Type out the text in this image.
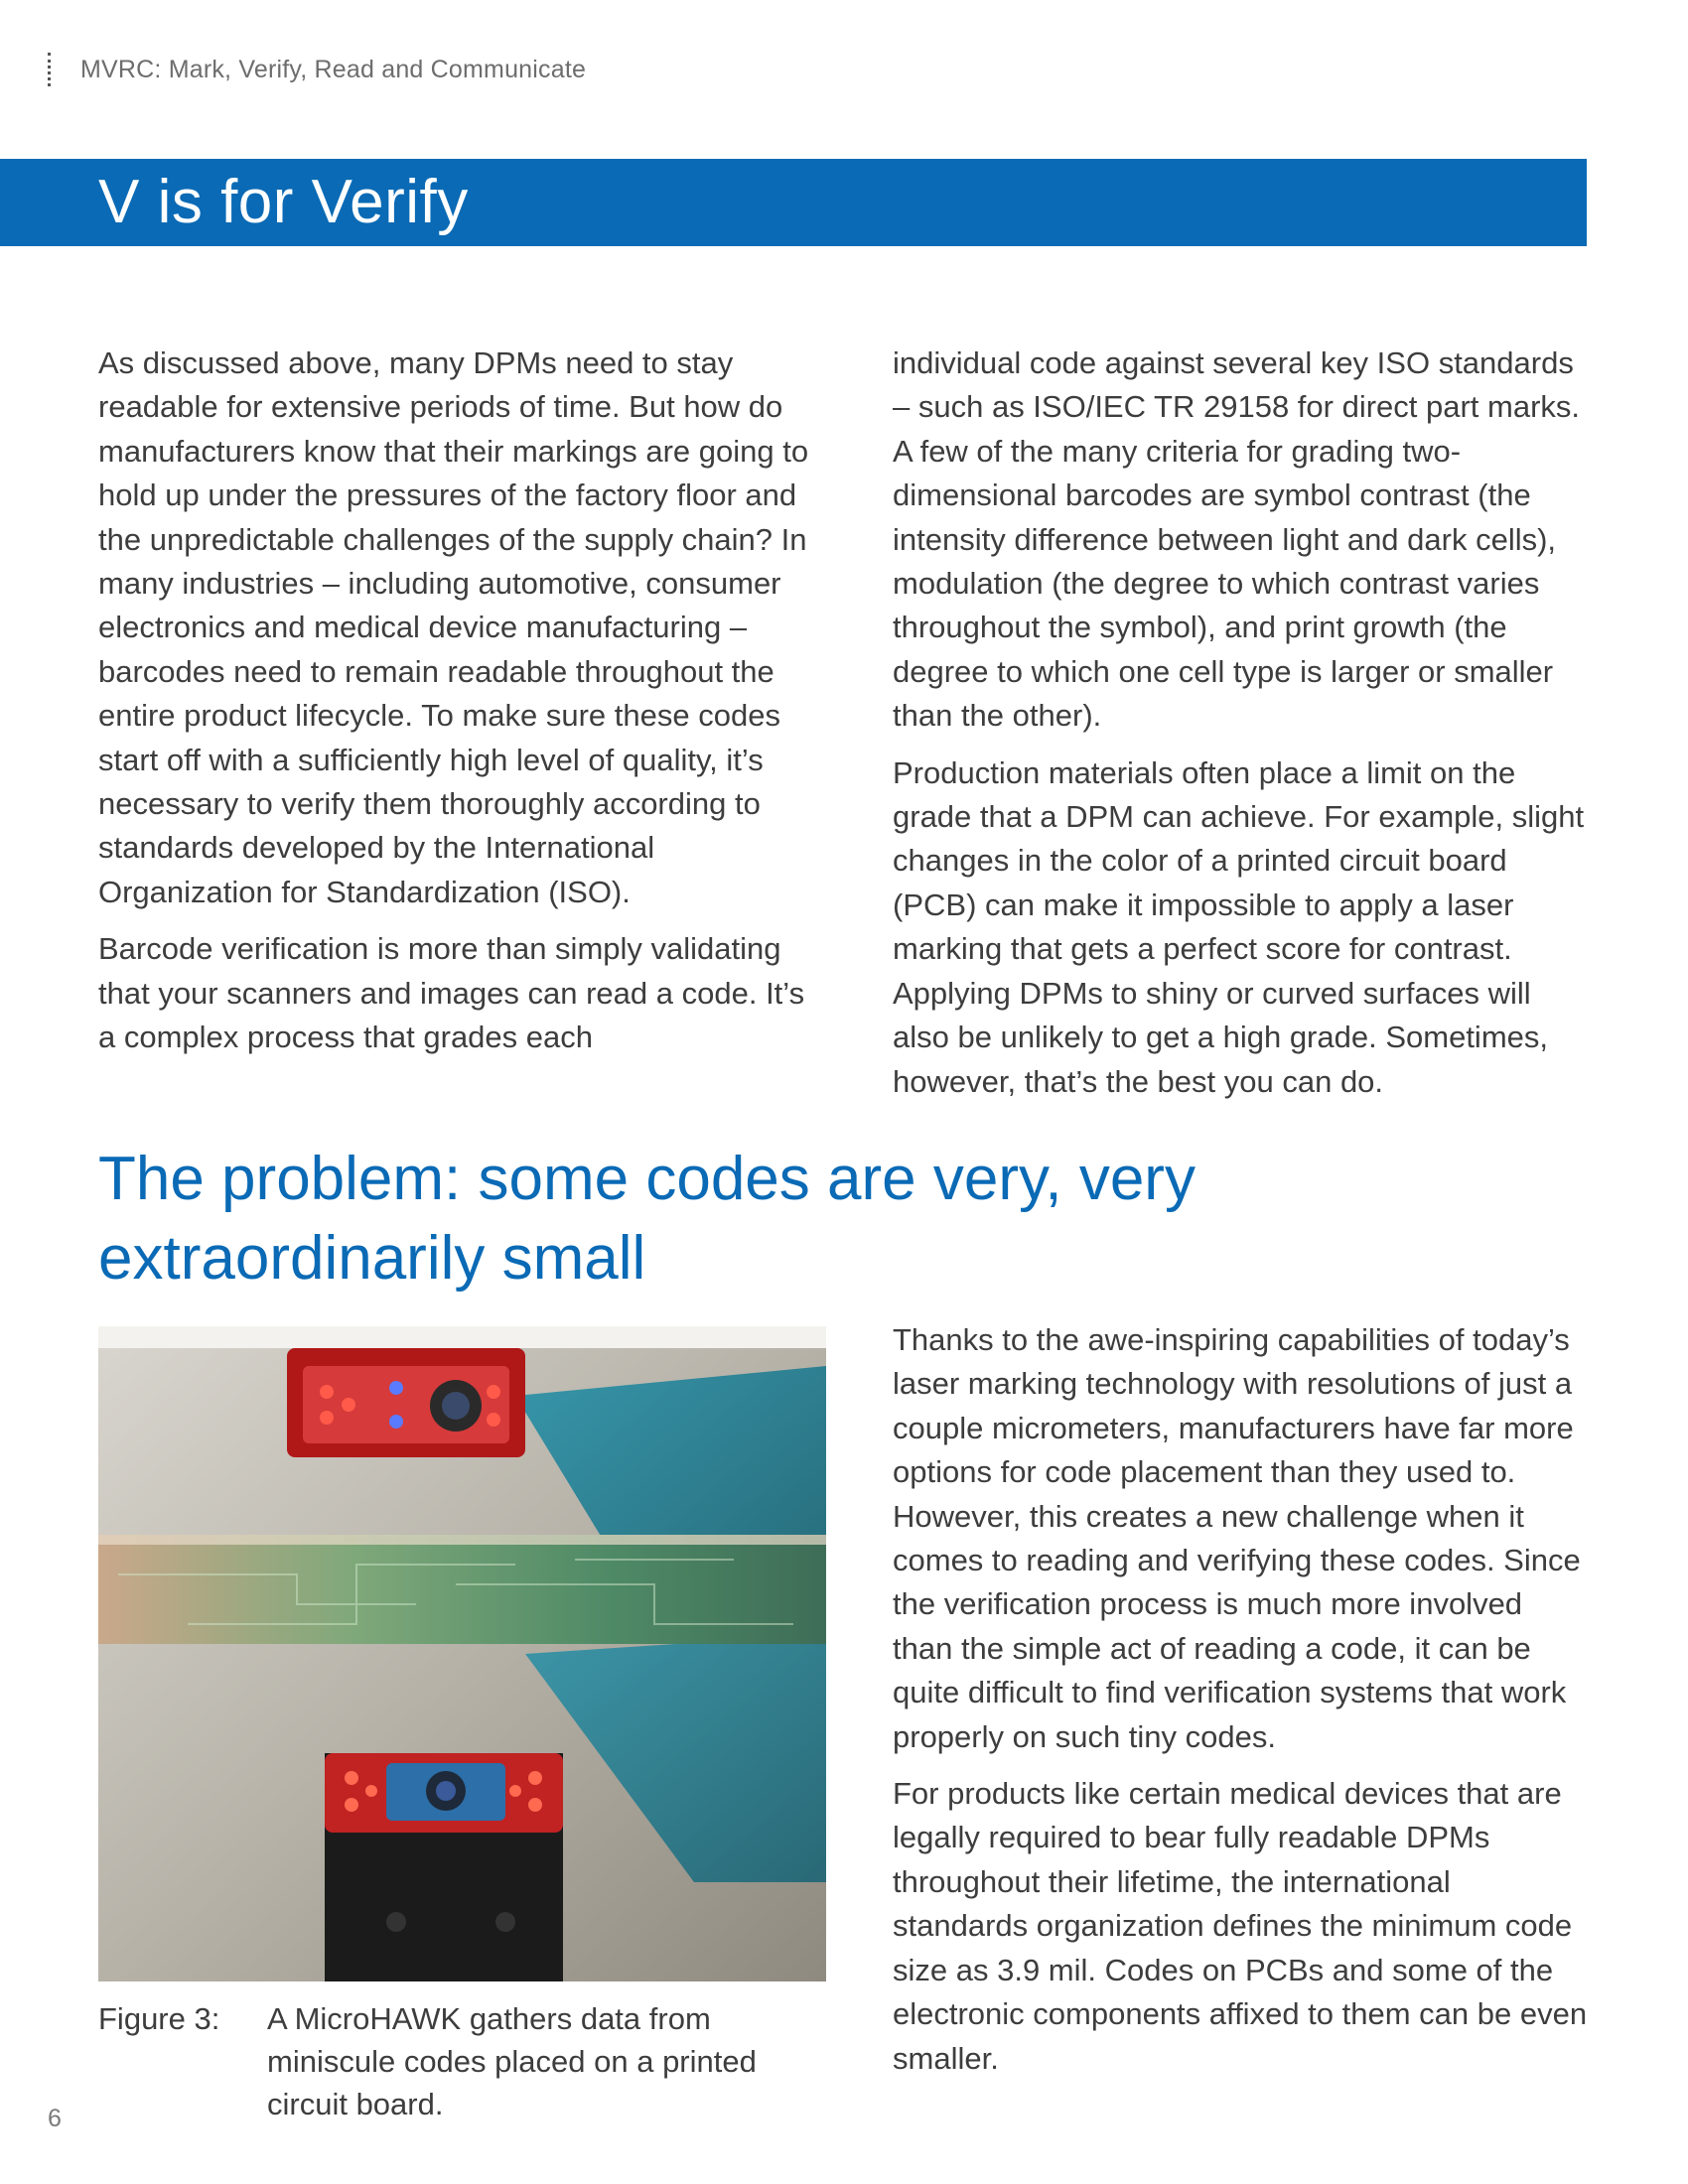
MVRC: Mark, Verify, Read and Communicate
V is for Verify

As discussed above, many DPMs need to stay readable for extensive periods of time. But how do manufacturers know that their markings are going to hold up under the pressures of the factory floor and the unpredictable challenges of the supply chain? In many industries – including automotive, consumer electronics and medical device manufacturing – barcodes need to remain readable throughout the entire product lifecycle. To make sure these codes start off with a sufficiently high level of quality, it’s necessary to verify them thoroughly according to standards developed by the International Organization for Standardization (ISO).

Barcode verification is more than simply validating that your scanners and images can read a code. It’s a complex process that grades each

individual code against several key ISO standards – such as ISO/IEC TR 29158 for direct part marks. A few of the many criteria for grading two-dimensional barcodes are symbol contrast (the intensity difference between light and dark cells), modulation (the degree to which contrast varies throughout the symbol), and print growth (the degree to which one cell type is larger or smaller than the other).

Production materials often place a limit on the grade that a DPM can achieve. For example, slight changes in the color of a printed circuit board (PCB) can make it impossible to apply a laser marking that gets a perfect score for contrast. Applying DPMs to shiny or curved surfaces will also be unlikely to get a high grade. Sometimes, however, that’s the best you can do.

The problem: some codes are very, very extraordinarily small
Figure 3:	A MicroHAWK gathers data from miniscule codes placed on a printed circuit board.

Thanks to the awe-inspiring capabilities of today’s laser marking technology with resolutions of just a couple micrometers, manufacturers have far more options for code placement than they used to. However, this creates a new challenge when it comes to reading and verifying these codes. Since the verification process is much more involved than the simple act of reading a code, it can be quite difficult to find verification systems that work properly on such tiny codes.

For products like certain medical devices that are legally required to bear fully readable DPMs throughout their lifetime, the international standards organization defines the minimum code size as 3.9 mil. Codes on PCBs and some of the electronic components affixed to them can be even smaller.

6
